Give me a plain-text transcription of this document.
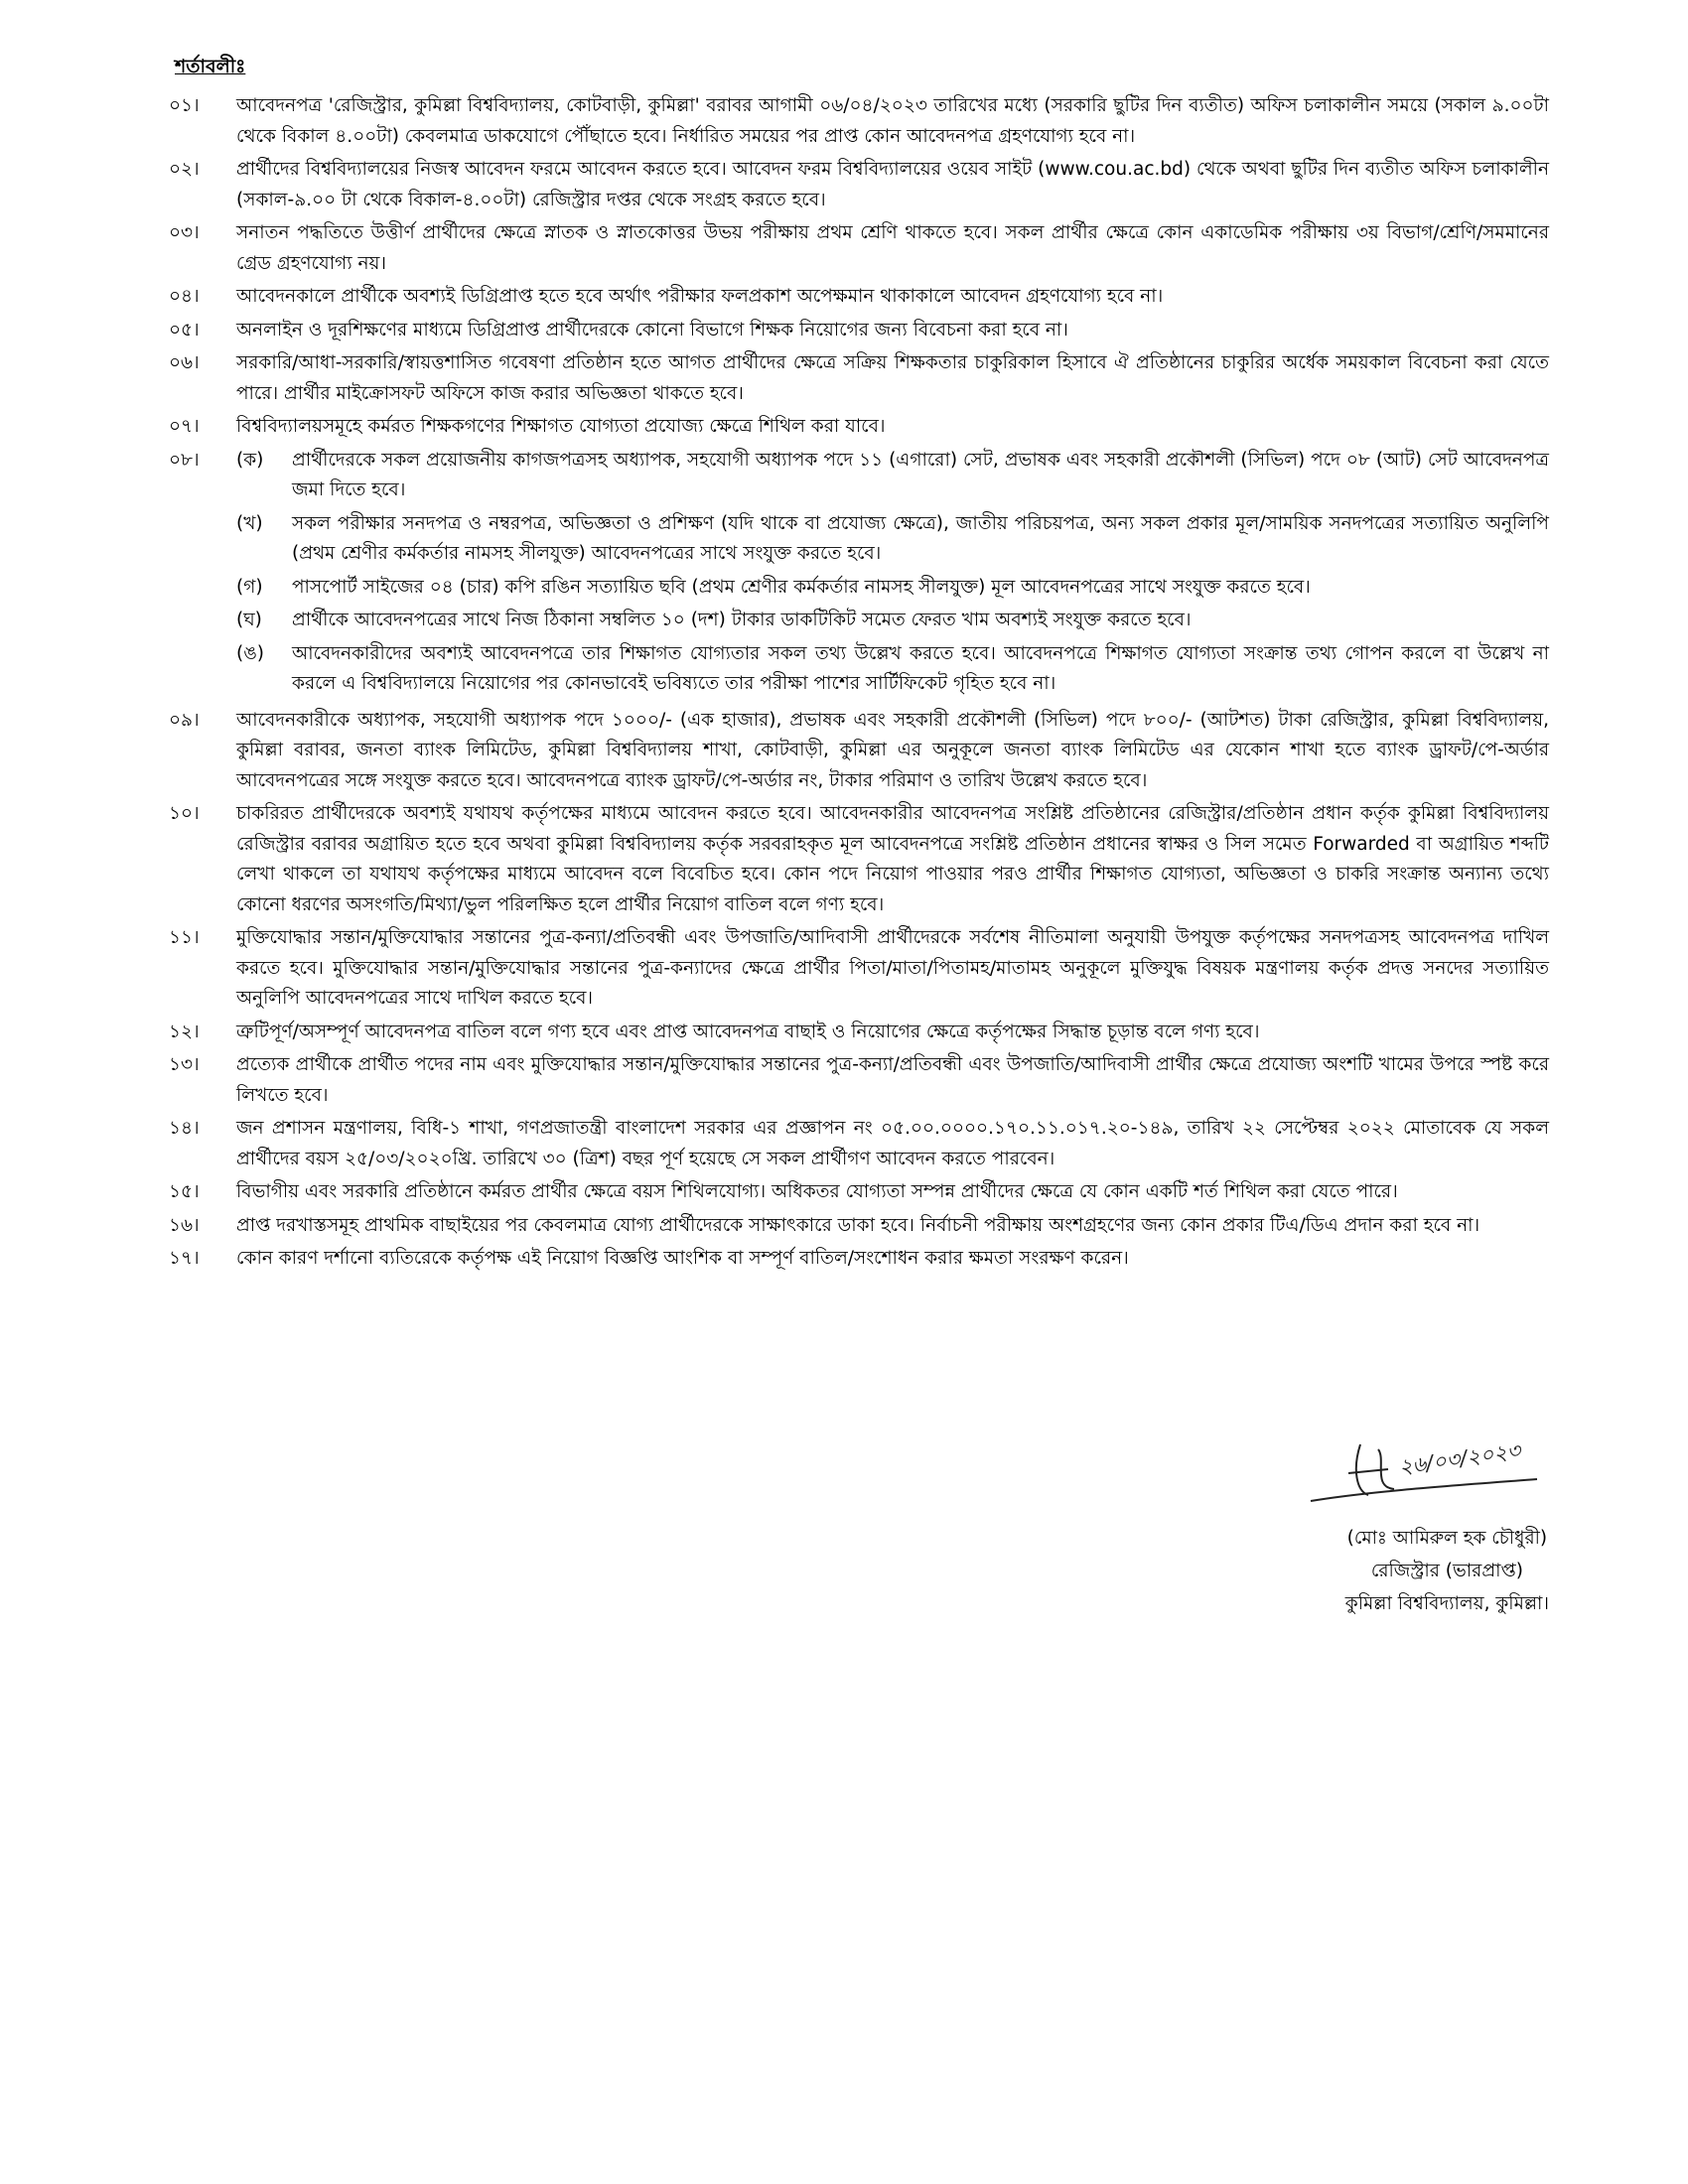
শর্তাবলীঃ
০১।	আবেদনপত্র 'রেজিস্ট্রার, কুমিল্লা বিশ্ববিদ্যালয়, কোটবাড়ী, কুমিল্লা' বরাবর আগামী ০৬/০৪/২০২৩ তারিখের মধ্যে (সরকারি ছুটির দিন ব্যতীত) অফিস চলাকালীন সময়ে (সকাল ৯.০০টা থেকে বিকাল ৪.০০টা) কেবলমাত্র ডাকযোগে পৌঁছাতে হবে। নির্ধারিত সময়ের পর প্রাপ্ত কোন আবেদনপত্র গ্রহণযোগ্য হবে না।
০২।	প্রার্থীদের বিশ্ববিদ্যালয়ের নিজস্ব আবেদন ফরমে আবেদন করতে হবে। আবেদন ফরম বিশ্ববিদ্যালয়ের ওয়েব সাইট (www.cou.ac.bd) থেকে অথবা ছুটির দিন ব্যতীত অফিস চলাকালীন (সকাল-৯.০০ টা থেকে বিকাল-৪.০০টা) রেজিস্ট্রার দপ্তর থেকে সংগ্রহ করতে হবে।
০৩।	সনাতন পদ্ধতিতে উত্তীর্ণ প্রার্থীদের ক্ষেত্রে স্নাতক ও স্নাতকোত্তর উভয় পরীক্ষায় প্রথম শ্রেণি থাকতে হবে। সকল প্রার্থীর ক্ষেত্রে কোন একাডেমিক পরীক্ষায় ৩য় বিভাগ/শ্রেণি/সমমানের গ্রেড গ্রহণযোগ্য নয়।
০৪।	আবেদনকালে প্রার্থীকে অবশ্যই ডিগ্রিপ্রাপ্ত হতে হবে অর্থাৎ পরীক্ষার ফলপ্রকাশ অপেক্ষমান থাকাকালে আবেদন গ্রহণযোগ্য হবে না।
০৫।	অনলাইন ও দূরশিক্ষণের মাধ্যমে ডিগ্রিপ্রাপ্ত প্রার্থীদেরকে কোনো বিভাগে শিক্ষক নিয়োগের জন্য বিবেচনা করা হবে না।
০৬।	সরকারি/আধা-সরকারি/স্বায়ত্তশাসিত গবেষণা প্রতিষ্ঠান হতে আগত প্রার্থীদের ক্ষেত্রে সক্রিয় শিক্ষকতার চাকুরিকাল হিসাবে ঐ প্রতিষ্ঠানের চাকুরির অর্ধেক সময়কাল বিবেচনা করা যেতে পারে। প্রার্থীর মাইক্রোসফট অফিসে কাজ করার অভিজ্ঞতা থাকতে হবে।
০৭।	বিশ্ববিদ্যালয়সমূহে কর্মরত শিক্ষকগণের শিক্ষাগত যোগ্যতা প্রযোজ্য ক্ষেত্রে শিথিল করা যাবে।
০৮।	(ক)	প্রার্থীদেরকে সকল প্রয়োজনীয় কাগজপত্রসহ অধ্যাপক, সহযোগী অধ্যাপক পদে ১১ (এগারো) সেট, প্রভাষক এবং সহকারী প্রকৌশলী (সিভিল) পদে ০৮ (আট) সেট আবেদনপত্র জমা দিতে হবে।
(খ)	সকল পরীক্ষার সনদপত্র ও নম্বরপত্র, অভিজ্ঞতা ও প্রশিক্ষণ (যদি থাকে বা প্রযোজ্য ক্ষেত্রে), জাতীয় পরিচয়পত্র, অন্য সকল প্রকার মূল/সাময়িক সনদপত্রের সত্যায়িত অনুলিপি (প্রথম শ্রেণীর কর্মকর্তার নামসহ সীলযুক্ত) আবেদনপত্রের সাথে সংযুক্ত করতে হবে।
(গ)	পাসপোর্ট সাইজের ০৪ (চার) কপি রঙিন সত্যায়িত ছবি (প্রথম শ্রেণীর কর্মকর্তার নামসহ সীলযুক্ত) মূল আবেদনপত্রের সাথে সংযুক্ত করতে হবে।
(ঘ)	প্রার্থীকে আবেদনপত্রের সাথে নিজ ঠিকানা সম্বলিত ১০ (দশ) টাকার ডাকটিকিট সমেত ফেরত খাম অবশ্যই সংযুক্ত করতে হবে।
(ঙ)	আবেদনকারীদের অবশ্যই আবেদনপত্রে তার শিক্ষাগত যোগ্যতার সকল তথ্য উল্লেখ করতে হবে। আবেদনপত্রে শিক্ষাগত যোগ্যতা সংক্রান্ত তথ্য গোপন করলে বা উল্লেখ না করলে এ বিশ্ববিদ্যালয়ে নিয়োগের পর কোনভাবেই ভবিষ্যতে তার পরীক্ষা পাশের সার্টিফিকেট গৃহিত হবে না।
০৯।	আবেদনকারীকে অধ্যাপক, সহযোগী অধ্যাপক পদে ১০০০/- (এক হাজার), প্রভাষক এবং সহকারী প্রকৌশলী (সিভিল) পদে ৮০০/- (আটশত) টাকা রেজিস্ট্রার, কুমিল্লা বিশ্ববিদ্যালয়, কুমিল্লা বরাবর, জনতা ব্যাংক লিমিটেড, কুমিল্লা বিশ্ববিদ্যালয় শাখা, কোটবাড়ী, কুমিল্লা এর অনুকূলে জনতা ব্যাংক লিমিটেড এর যেকোন শাখা হতে ব্যাংক ড্রাফট/পে-অর্ডার আবেদনপত্রের সঙ্গে সংযুক্ত করতে হবে। আবেদনপত্রে ব্যাংক ড্রাফট/পে-অর্ডার নং, টাকার পরিমাণ ও তারিখ উল্লেখ করতে হবে।
১০।	চাকরিরত প্রার্থীদেরকে অবশ্যই যথাযথ কর্তৃপক্ষের মাধ্যমে আবেদন করতে হবে। আবেদনকারীর আবেদনপত্র সংশ্লিষ্ট প্রতিষ্ঠানের রেজিস্ট্রার/প্রতিষ্ঠান প্রধান কর্তৃক কুমিল্লা বিশ্ববিদ্যালয় রেজিস্ট্রার বরাবর অগ্রায়িত হতে হবে অথবা কুমিল্লা বিশ্ববিদ্যালয় কর্তৃক সরবরাহকৃত মূল আবেদনপত্রে সংশ্লিষ্ট প্রতিষ্ঠান প্রধানের স্বাক্ষর ও সিল সমেত Forwarded বা অগ্রায়িত শব্দটি লেখা থাকলে তা যথাযথ কর্তৃপক্ষের মাধ্যমে আবেদন বলে বিবেচিত হবে। কোন পদে নিয়োগ পাওয়ার পরও প্রার্থীর শিক্ষাগত যোগ্যতা, অভিজ্ঞতা ও চাকরি সংক্রান্ত অন্যান্য তথ্যে কোনো ধরণের অসংগতি/মিথ্যা/ভুল পরিলক্ষিত হলে প্রার্থীর নিয়োগ বাতিল বলে গণ্য হবে।
১১।	মুক্তিযোদ্ধার সন্তান/মুক্তিযোদ্ধার সন্তানের পুত্র-কন্যা/প্রতিবন্ধী এবং উপজাতি/আদিবাসী প্রার্থীদেরকে সর্বশেষ নীতিমালা অনুযায়ী উপযুক্ত কর্তৃপক্ষের সনদপত্রসহ আবেদনপত্র দাখিল করতে হবে। মুক্তিযোদ্ধার সন্তান/মুক্তিযোদ্ধার সন্তানের পুত্র-কন্যাদের ক্ষেত্রে প্রার্থীর পিতা/মাতা/পিতামহ/মাতামহ অনুকূলে মুক্তিযুদ্ধ বিষয়ক মন্ত্রণালয় কর্তৃক প্রদত্ত সনদের সত্যায়িত অনুলিপি আবেদনপত্রের সাথে দাখিল করতে হবে।
১২।	ত্রুটিপূর্ণ/অসম্পূর্ণ আবেদনপত্র বাতিল বলে গণ্য হবে এবং প্রাপ্ত আবেদনপত্র বাছাই ও নিয়োগের ক্ষেত্রে কর্তৃপক্ষের সিদ্ধান্ত চূড়ান্ত বলে গণ্য হবে।
১৩।	প্রত্যেক প্রার্থীকে প্রার্থীত পদের নাম এবং মুক্তিযোদ্ধার সন্তান/মুক্তিযোদ্ধার সন্তানের পুত্র-কন্যা/প্রতিবন্ধী এবং উপজাতি/আদিবাসী প্রার্থীর ক্ষেত্রে প্রযোজ্য অংশটি খামের উপরে স্পষ্ট করে লিখতে হবে।
১৪।	জন প্রশাসন মন্ত্রণালয়, বিধি-১ শাখা, গণপ্রজাতন্ত্রী বাংলাদেশ সরকার এর প্রজ্ঞাপন নং ০৫.০০.০০০০.১৭০.১১.০১৭.২০-১৪৯, তারিখ ২২ সেপ্টেম্বর ২০২২ মোতাবেক যে সকল প্রার্থীদের বয়স ২৫/০৩/২০২০খ্রি. তারিখে ৩০ (ত্রিশ) বছর পূর্ণ হয়েছে সে সকল প্রার্থীগণ আবেদন করতে পারবেন।
১৫।	বিভাগীয় এবং সরকারি প্রতিষ্ঠানে কর্মরত প্রার্থীর ক্ষেত্রে বয়স শিথিলযোগ্য। অধিকতর যোগ্যতা সম্পন্ন প্রার্থীদের ক্ষেত্রে যে কোন একটি শর্ত শিথিল করা যেতে পারে।
১৬।	প্রাপ্ত দরখাস্তসমূহ প্রাথমিক বাছাইয়ের পর কেবলমাত্র যোগ্য প্রার্থীদেরকে সাক্ষাৎকারে ডাকা হবে। নির্বাচনী পরীক্ষায় অংশগ্রহণের জন্য কোন প্রকার টিএ/ডিএ প্রদান করা হবে না।
১৭।	কোন কারণ দর্শানো ব্যতিরেকে কর্তৃপক্ষ এই নিয়োগ বিজ্ঞপ্তি আংশিক বা সম্পূর্ণ বাতিল/সংশোধন করার ক্ষমতা সংরক্ষণ করেন।
২৬/০৩/২০২৩
(মোঃ আমিরুল হক চৌধুরী)
রেজিস্ট্রার (ভারপ্রাপ্ত)
কুমিল্লা বিশ্ববিদ্যালয়, কুমিল্লা।
